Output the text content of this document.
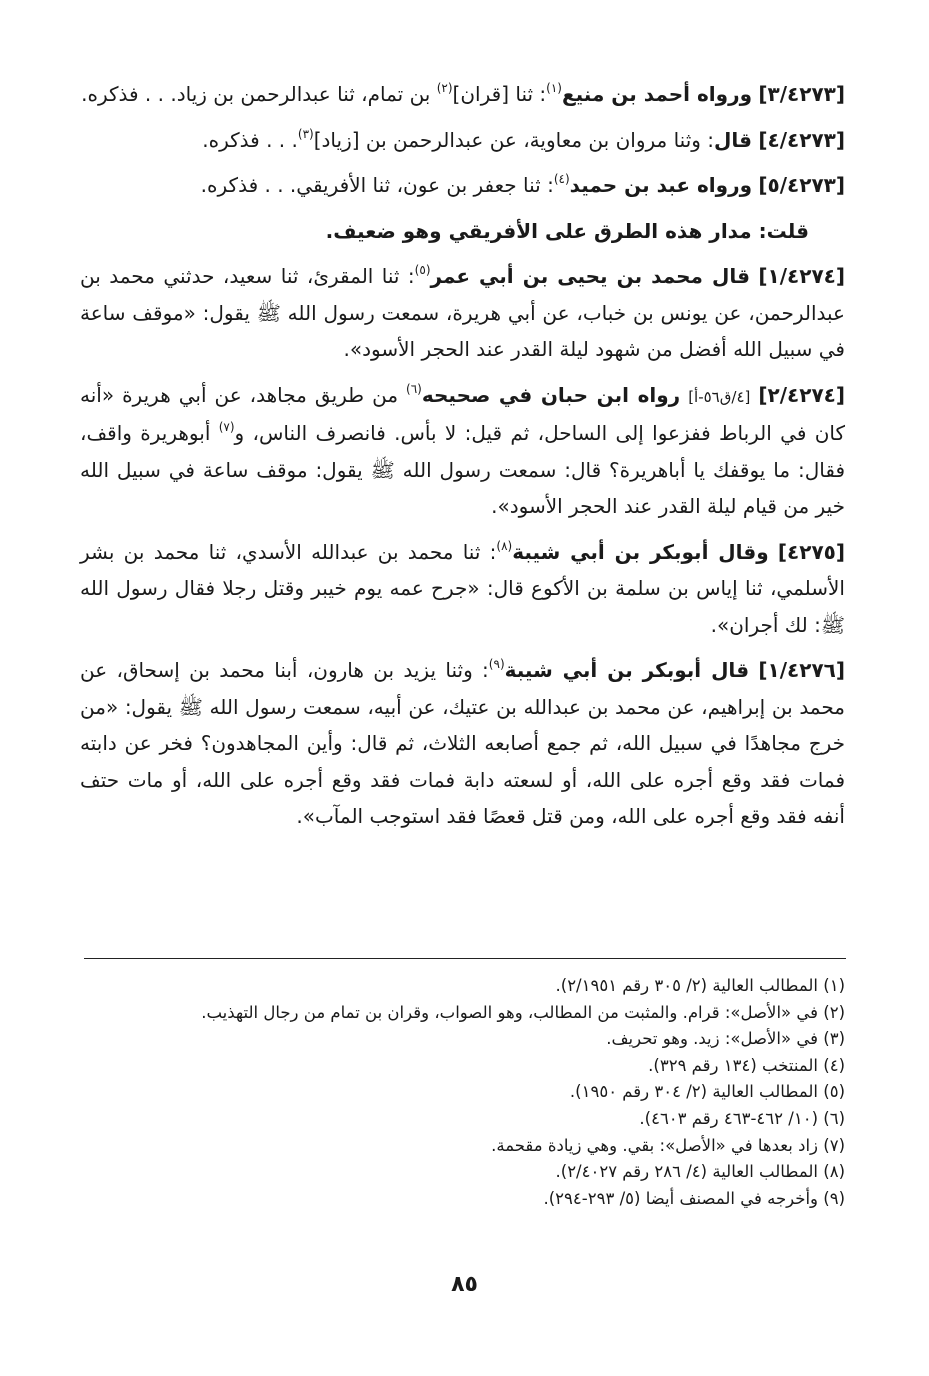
[٣/٤٢٧٣] ورواه أحمد بن منيع$^{(١)}$: ثنا [قران]$^{(٢)}$ بن تمام، ثنا عبدالرحمن بن زياد. . . فذكره.

[٤/٤٢٧٣] قال: وثنا مروان بن معاوية، عن عبدالرحمن بن [زياد]$^{(٣)}$. . . فذكره.

[٥/٤٢٧٣] ورواه عبد بن حميد$^{(٤)}$: ثنا جعفر بن عون، ثنا الأفريقي. . . فذكره.

قلت: مدار هذه الطرق على الأفريقي وهو ضعيف.

[١/٤٢٧٤] قال محمد بن يحيى بن أبي عمر$^{(٥)}$: ثنا المقرئ، ثنا سعيد، حدثني محمد بن عبدالرحمن، عن يونس بن خباب، عن أبي هريرة، سمعت رسول الله ﷺ يقول: «موقف ساعة في سبيل الله أفضل من شهود ليلة القدر عند الحجر الأسود».

[٢/٤٢٧٤] [٤/ق٥٦-أ] رواه ابن حبان في صحيحه$^{(٦)}$ من طريق مجاهد، عن أبي هريرة «أنه كان في الرباط ففزعوا إلى الساحل، ثم قيل: لا بأس. فانصرف الناس، و$^{(٧)}$ أبوهريرة واقف، فقال: ما يوقفك يا أباهريرة؟ قال: سمعت رسول الله ﷺ يقول: موقف ساعة في سبيل الله خير من قيام ليلة القدر عند الحجر الأسود».

[٤٢٧٥] وقال أبوبكر بن أبي شيبة$^{(٨)}$: ثنا محمد بن عبدالله الأسدي، ثنا محمد بن بشر الأسلمي، ثنا إياس بن سلمة بن الأكوع قال: «جرح عمه يوم خيبر وقتل رجلا فقال رسول الله ﷺ: لك أجران».

[١/٤٢٧٦] قال أبوبكر بن أبي شيبة$^{(٩)}$: وثنا يزيد بن هارون، أبنا محمد بن إسحاق، عن محمد بن إبراهيم، عن محمد بن عبدالله بن عتيك، عن أبيه، سمعت رسول الله ﷺ يقول: «من خرج مجاهدًا في سبيل الله، ثم جمع أصابعه الثلاث، ثم قال: وأين المجاهدون؟ فخر عن دابته فمات فقد وقع أجره على الله، أو لسعته دابة فمات فقد وقع أجره على الله، أو مات حتف أنفه فقد وقع أجره على الله، ومن قتل قعصًا فقد استوجب المآب».

(١) المطالب العالية (٢/ ٣٠٥ رقم ٢/١٩٥١).
(٢) في «الأصل»: قرام. والمثبت من المطالب، وهو الصواب، وقران بن تمام من رجال التهذيب.
(٣) في «الأصل»: زيد. وهو تحريف.
(٤) المنتخب (١٣٤ رقم ٣٢٩).
(٥) المطالب العالية (٢/ ٣٠٤ رقم ١٩٥٠).
(٦) (١٠/ ٤٦٢-٤٦٣ رقم ٤٦٠٣).
(٧) زاد بعدها في «الأصل»: بقي. وهي زيادة مقحمة.
(٨) المطالب العالية (٤/ ٢٨٦ رقم ٢/٤٠٢٧).
(٩) وأخرجه في المصنف أيضا (٥/ ٢٩٣-٢٩٤).
٨٥
